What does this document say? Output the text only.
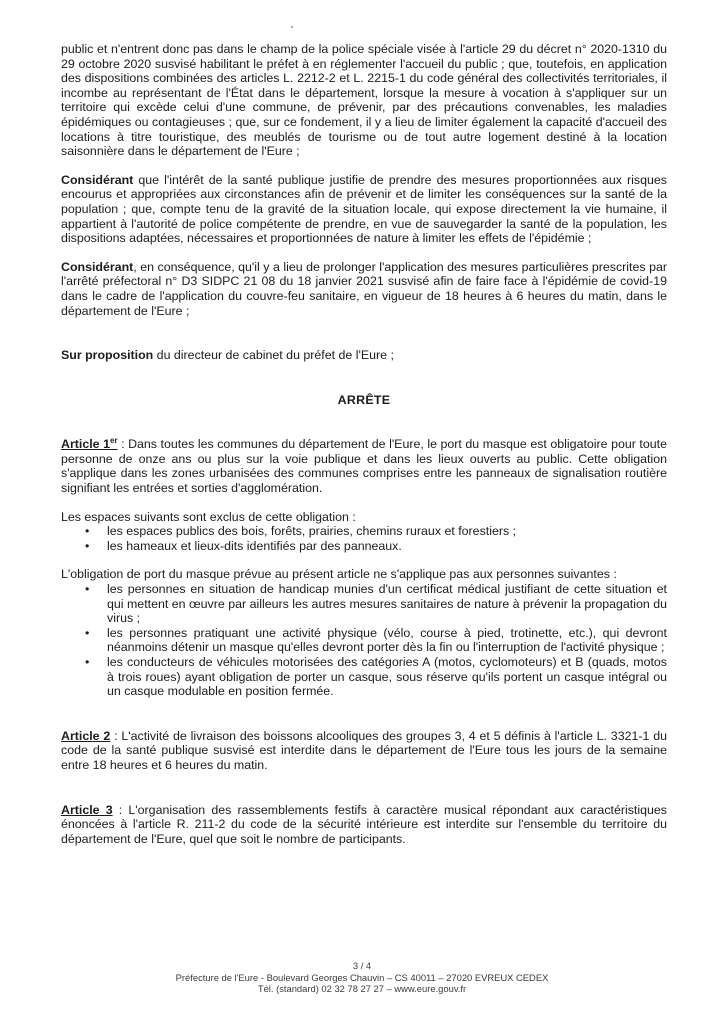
public et n'entrent donc pas dans le champ de la police spéciale visée à l'article 29 du décret n° 2020-1310 du 29 octobre 2020 susvisé habilitant le préfet à en réglementer l'accueil du public ; que, toutefois, en application des dispositions combinées des articles L. 2212-2 et L. 2215-1 du code général des collectivités territoriales, il incombe au représentant de l'État dans le département, lorsque la mesure à vocation à s'appliquer sur un territoire qui excède celui d'une commune, de prévenir, par des précautions convenables, les maladies épidémiques ou contagieuses ; que, sur ce fondement, il y a lieu de limiter également la capacité d'accueil des locations à titre touristique, des meublés de tourisme ou de tout autre logement destiné à la location saisonnière dans le département de l'Eure ;

Considérant que l'intérêt de la santé publique justifie de prendre des mesures proportionnées aux risques encourus et appropriées aux circonstances afin de prévenir et de limiter les conséquences sur la santé de la population ; que, compte tenu de la gravité de la situation locale, qui expose directement la vie humaine, il appartient à l'autorité de police compétente de prendre, en vue de sauvegarder la santé de la population, les dispositions adaptées, nécessaires et proportionnées de nature à limiter les effets de l'épidémie ;

Considérant, en conséquence, qu'il y a lieu de prolonger l'application des mesures particulières prescrites par l'arrêté préfectoral n° D3 SIDPC 21 08 du 18 janvier 2021 susvisé afin de faire face à l'épidémie de covid-19 dans le cadre de l'application du couvre-feu sanitaire, en vigueur de 18 heures à 6 heures du matin, dans le département de l'Eure ;

Sur proposition du directeur de cabinet du préfet de l'Eure ;

ARRÊTE

Article 1er : Dans toutes les communes du département de l'Eure, le port du masque est obligatoire pour toute personne de onze ans ou plus sur la voie publique et dans les lieux ouverts au public. Cette obligation s'applique dans les zones urbanisées des communes comprises entre les panneaux de signalisation routière signifiant les entrées et sorties d'agglomération.

Les espaces suivants sont exclus de cette obligation :

• les espaces publics des bois, forêts, prairies, chemins ruraux et forestiers ;
• les hameaux et lieux-dits identifiés par des panneaux.

L'obligation de port du masque prévue au présent article ne s'applique pas aux personnes suivantes :

• les personnes en situation de handicap munies d'un certificat médical justifiant de cette situation et qui mettent en œuvre par ailleurs les autres mesures sanitaires de nature à prévenir la propagation du virus ;
• les personnes pratiquant une activité physique (vélo, course à pied, trotinette, etc.), qui devront néanmoins détenir un masque qu'elles devront porter dès la fin ou l'interruption de l'activité physique ;
• les conducteurs de véhicules motorisées des catégories A (motos, cyclomoteurs) et B (quads, motos à trois roues) ayant obligation de porter un casque, sous réserve qu'ils portent un casque intégral ou un casque modulable en position fermée.

Article 2 : L'activité de livraison des boissons alcooliques des groupes 3, 4 et 5 définis à l'article L. 3321-1 du code de la santé publique susvisé est interdite dans le département de l'Eure tous les jours de la semaine entre 18 heures et 6 heures du matin.

Article 3 : L'organisation des rassemblements festifs à caractère musical répondant aux caractéristiques énoncées à l'article R. 211-2 du code de la sécurité intérieure est interdite sur l'ensemble du territoire du département de l'Eure, quel que soit le nombre de participants.

3 / 4
Préfecture de l'Eure - Boulevard Georges Chauvin – CS 40011 – 27020 EVREUX CEDEX
Tél. (standard) 02 32 78 27 27 – www.eure.gouv.fr
